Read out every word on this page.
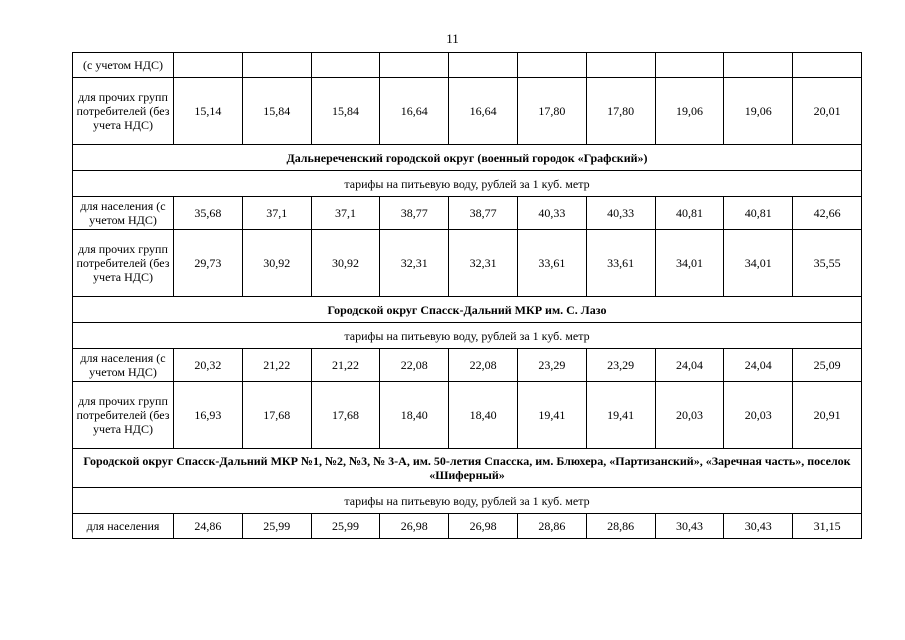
11
(с учетом НДС)										
для прочих групп потребителей (без учета НДС)	15,14	15,84	15,84	16,64	16,64	17,80	17,80	19,06	19,06	20,01
Дальнереченский городской округ (военный городок «Графский»)										
тарифы на питьевую воду, рублей за 1 куб. метр										
для населения (с учетом НДС)	35,68	37,1	37,1	38,77	38,77	40,33	40,33	40,81	40,81	42,66
для прочих групп потребителей (без учета НДС)	29,73	30,92	30,92	32,31	32,31	33,61	33,61	34,01	34,01	35,55
Городской округ Спасск-Дальний МКР им. С. Лазо										
тарифы на питьевую воду, рублей за 1 куб. метр										
для населения (с учетом НДС)	20,32	21,22	21,22	22,08	22,08	23,29	23,29	24,04	24,04	25,09
для прочих групп потребителей (без учета НДС)	16,93	17,68	17,68	18,40	18,40	19,41	19,41	20,03	20,03	20,91
Городской округ Спасск-Дальний МКР №1, №2, №3, № 3-А, им. 50-летия Спасска, им. Блюхера, «Партизанский», «Заречная часть», поселок «Шиферный»										
тарифы на питьевую воду, рублей за 1 куб. метр										
для населения	24,86	25,99	25,99	26,98	26,98	28,86	28,86	30,43	30,43	31,15
